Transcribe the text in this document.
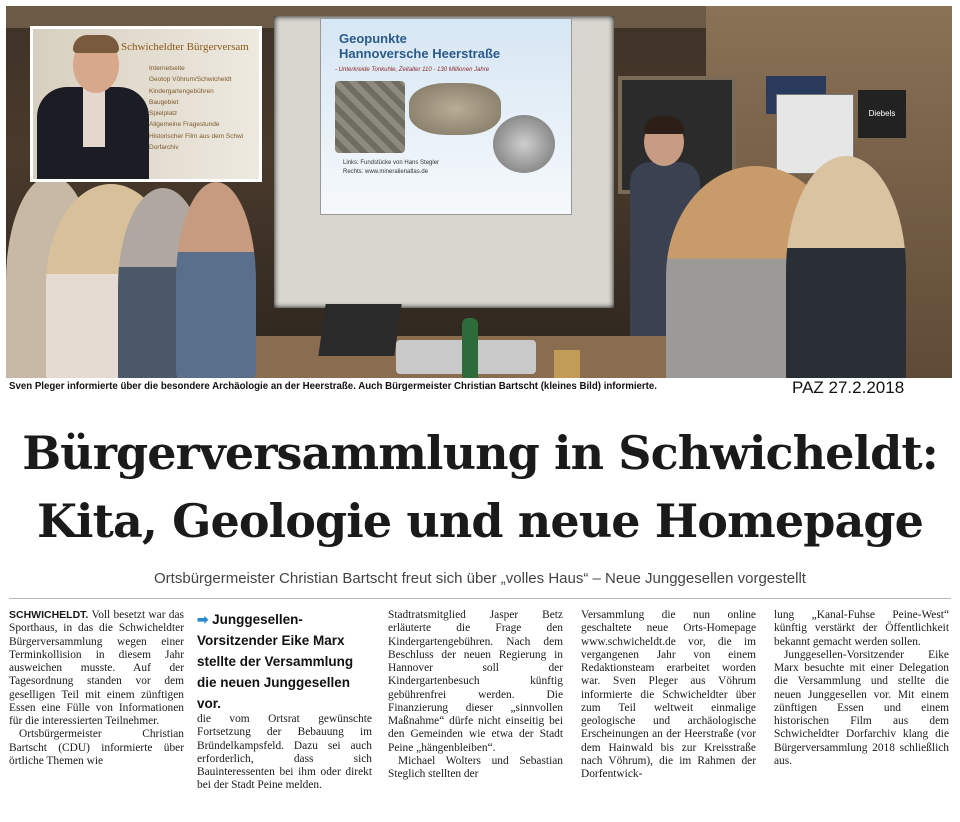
Diebels
Geopunkte
Hannoversche Heerstraße
- Unterkreide Tonkuhle, Zeitalter 110 - 130 Millionen Jahre
Links: Fundstücke von Hans Stegler
Rechts: www.mineralienatlas.de
Schwicheldter Bürgerversam
Internetseite
Geotop Vöhrum/Schwicheldt
Kindergartengebühren
Baugebiet
Spielplatz
Allgemeine Fragestunde
Historischer Film aus dem Schwi
Dorfarchiv
Sven Pleger informierte über die besondere Archäologie an der Heerstraße. Auch Bürgermeister Christian Bartscht (kleines Bild) informierte.	PAZ 27.2.2018
Bürgerversammlung in Schwicheldt:
Kita, Geologie und neue Homepage
Ortsbürgermeister Christian Bartscht freut sich über „volles Haus“ – Neue Junggesellen vorgestellt

SCHWICHELDT. Voll besetzt war das Sporthaus, in das die Schwicheldter Bürgerversammlung wegen einer Terminkollision in diesem Jahr ausweichen musste. Auf der Tagesordnung standen vor dem geselligen Teil mit einem zünftigen Essen eine Fülle von Informationen für die interessierten Teilnehmer.

Ortsbürgermeister Christian Bartscht (CDU) informierte über örtliche Themen wie

➡ Junggesellen-Vorsitzender Eike Marx stellte der Versammlung die neuen Junggesellen vor.

die vom Ortsrat gewünschte Fortsetzung der Bebauung im Bründelkampsfeld. Dazu sei auch erforderlich, dass sich Bauinteressenten bei ihm oder direkt bei der Stadt Peine melden.

Stadtratsmitglied Jasper Betz erläuterte die Frage den Kindergartengebühren. Nach dem Beschluss der neuen Regierung in Hannover soll der Kindergartenbesuch künftig gebührenfrei werden. Die Finanzierung dieser „sinnvollen Maßnahme“ dürfe nicht einseitig bei den Gemeinden wie etwa der Stadt Peine „hängenbleiben“.

Michael Wolters und Sebastian Steglich stellten der

Versammlung die nun online geschaltete neue Orts-Homepage www.schwicheldt.de vor, die im vergangenen Jahr von einem Redaktionsteam erarbeitet worden war. Sven Pleger aus Vöhrum informierte die Schwicheldter über zum Teil weltweit einmalige geologische und archäologische Erscheinungen an der Heerstraße (vor dem Hainwald bis zur Kreisstraße nach Vöhrum), die im Rahmen der Dorfentwick-

lung „Kanal-Fuhse Peine-West“ künftig verstärkt der Öffentlichkeit bekannt gemacht werden sollen.

Junggesellen-Vorsitzender Eike Marx besuchte mit einer Delegation die Versammlung und stellte die neuen Junggesellen vor. Mit einem zünftigen Essen und einem historischen Film aus dem Schwicheldter Dorfarchiv klang die Bürgerversammlung 2018 schließlich aus.
